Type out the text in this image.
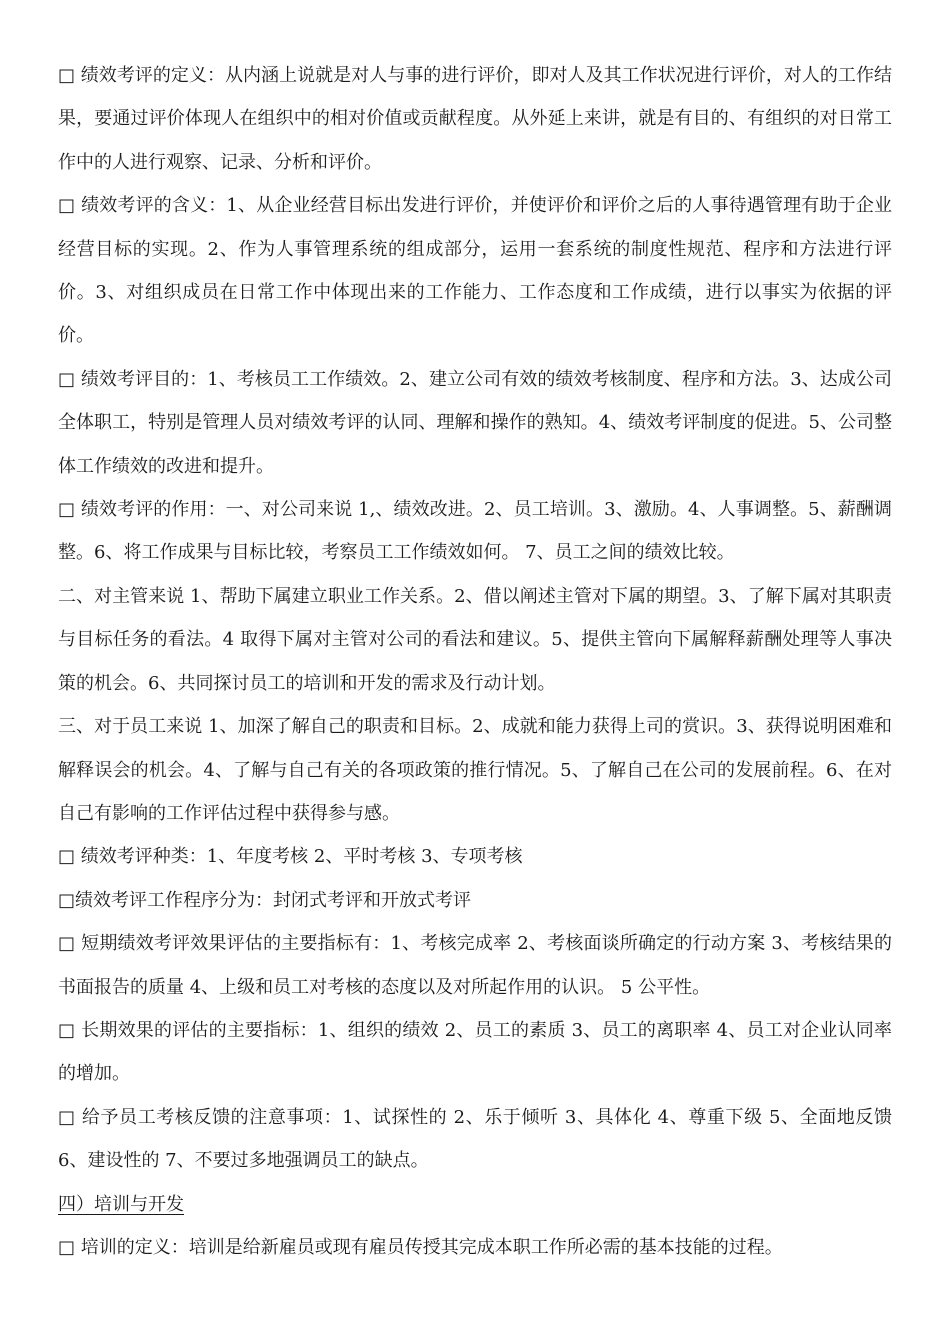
□ 绩效考评的定义：从内涵上说就是对人与事的进行评价，即对人及其工作状况进行评价，对人的工作结果，要通过评价体现人在组织中的相对价值或贡献程度。从外延上来讲，就是有目的、有组织的对日常工作中的人进行观察、记录、分析和评价。

□ 绩效考评的含义：1、从企业经营目标出发进行评价，并使评价和评价之后的人事待遇管理有助于企业经营目标的实现。2、作为人事管理系统的组成部分，运用一套系统的制度性规范、程序和方法进行评价。3、对组织成员在日常工作中体现出来的工作能力、工作态度和工作成绩，进行以事实为依据的评价。

□ 绩效考评目的：1、考核员工工作绩效。2、建立公司有效的绩效考核制度、程序和方法。3、达成公司全体职工，特别是管理人员对绩效考评的认同、理解和操作的熟知。4、绩效考评制度的促进。5、公司整体工作绩效的改进和提升。

□ 绩效考评的作用：一、对公司来说 1,、绩效改进。2、员工培训。3、激励。4、人事调整。5、薪酬调整。6、将工作成果与目标比较，考察员工工作绩效如何。 7、员工之间的绩效比较。

二、对主管来说 1、帮助下属建立职业工作关系。2、借以阐述主管对下属的期望。3、了解下属对其职责与目标任务的看法。4 取得下属对主管对公司的看法和建议。5、提供主管向下属解释薪酬处理等人事决策的机会。6、共同探讨员工的培训和开发的需求及行动计划。

三、对于员工来说 1、加深了解自己的职责和目标。2、成就和能力获得上司的赏识。3、获得说明困难和解释误会的机会。4、了解与自己有关的各项政策的推行情况。5、了解自己在公司的发展前程。6、在对自己有影响的工作评估过程中获得参与感。

□ 绩效考评种类：1、年度考核 2、平时考核 3、专项考核

□绩效考评工作程序分为：封闭式考评和开放式考评

□ 短期绩效考评效果评估的主要指标有：1、考核完成率 2、考核面谈所确定的行动方案 3、考核结果的书面报告的质量 4、上级和员工对考核的态度以及对所起作用的认识。 5 公平性。

□ 长期效果的评估的主要指标：1、组织的绩效 2、员工的素质 3、员工的离职率 4、员工对企业认同率的增加。

□ 给予员工考核反馈的注意事项：1、试探性的 2、乐于倾听 3、具体化 4、尊重下级 5、全面地反馈 6、建设性的 7、不要过多地强调员工的缺点。

四）培训与开发

□ 培训的定义：培训是给新雇员或现有雇员传授其完成本职工作所必需的基本技能的过程。
